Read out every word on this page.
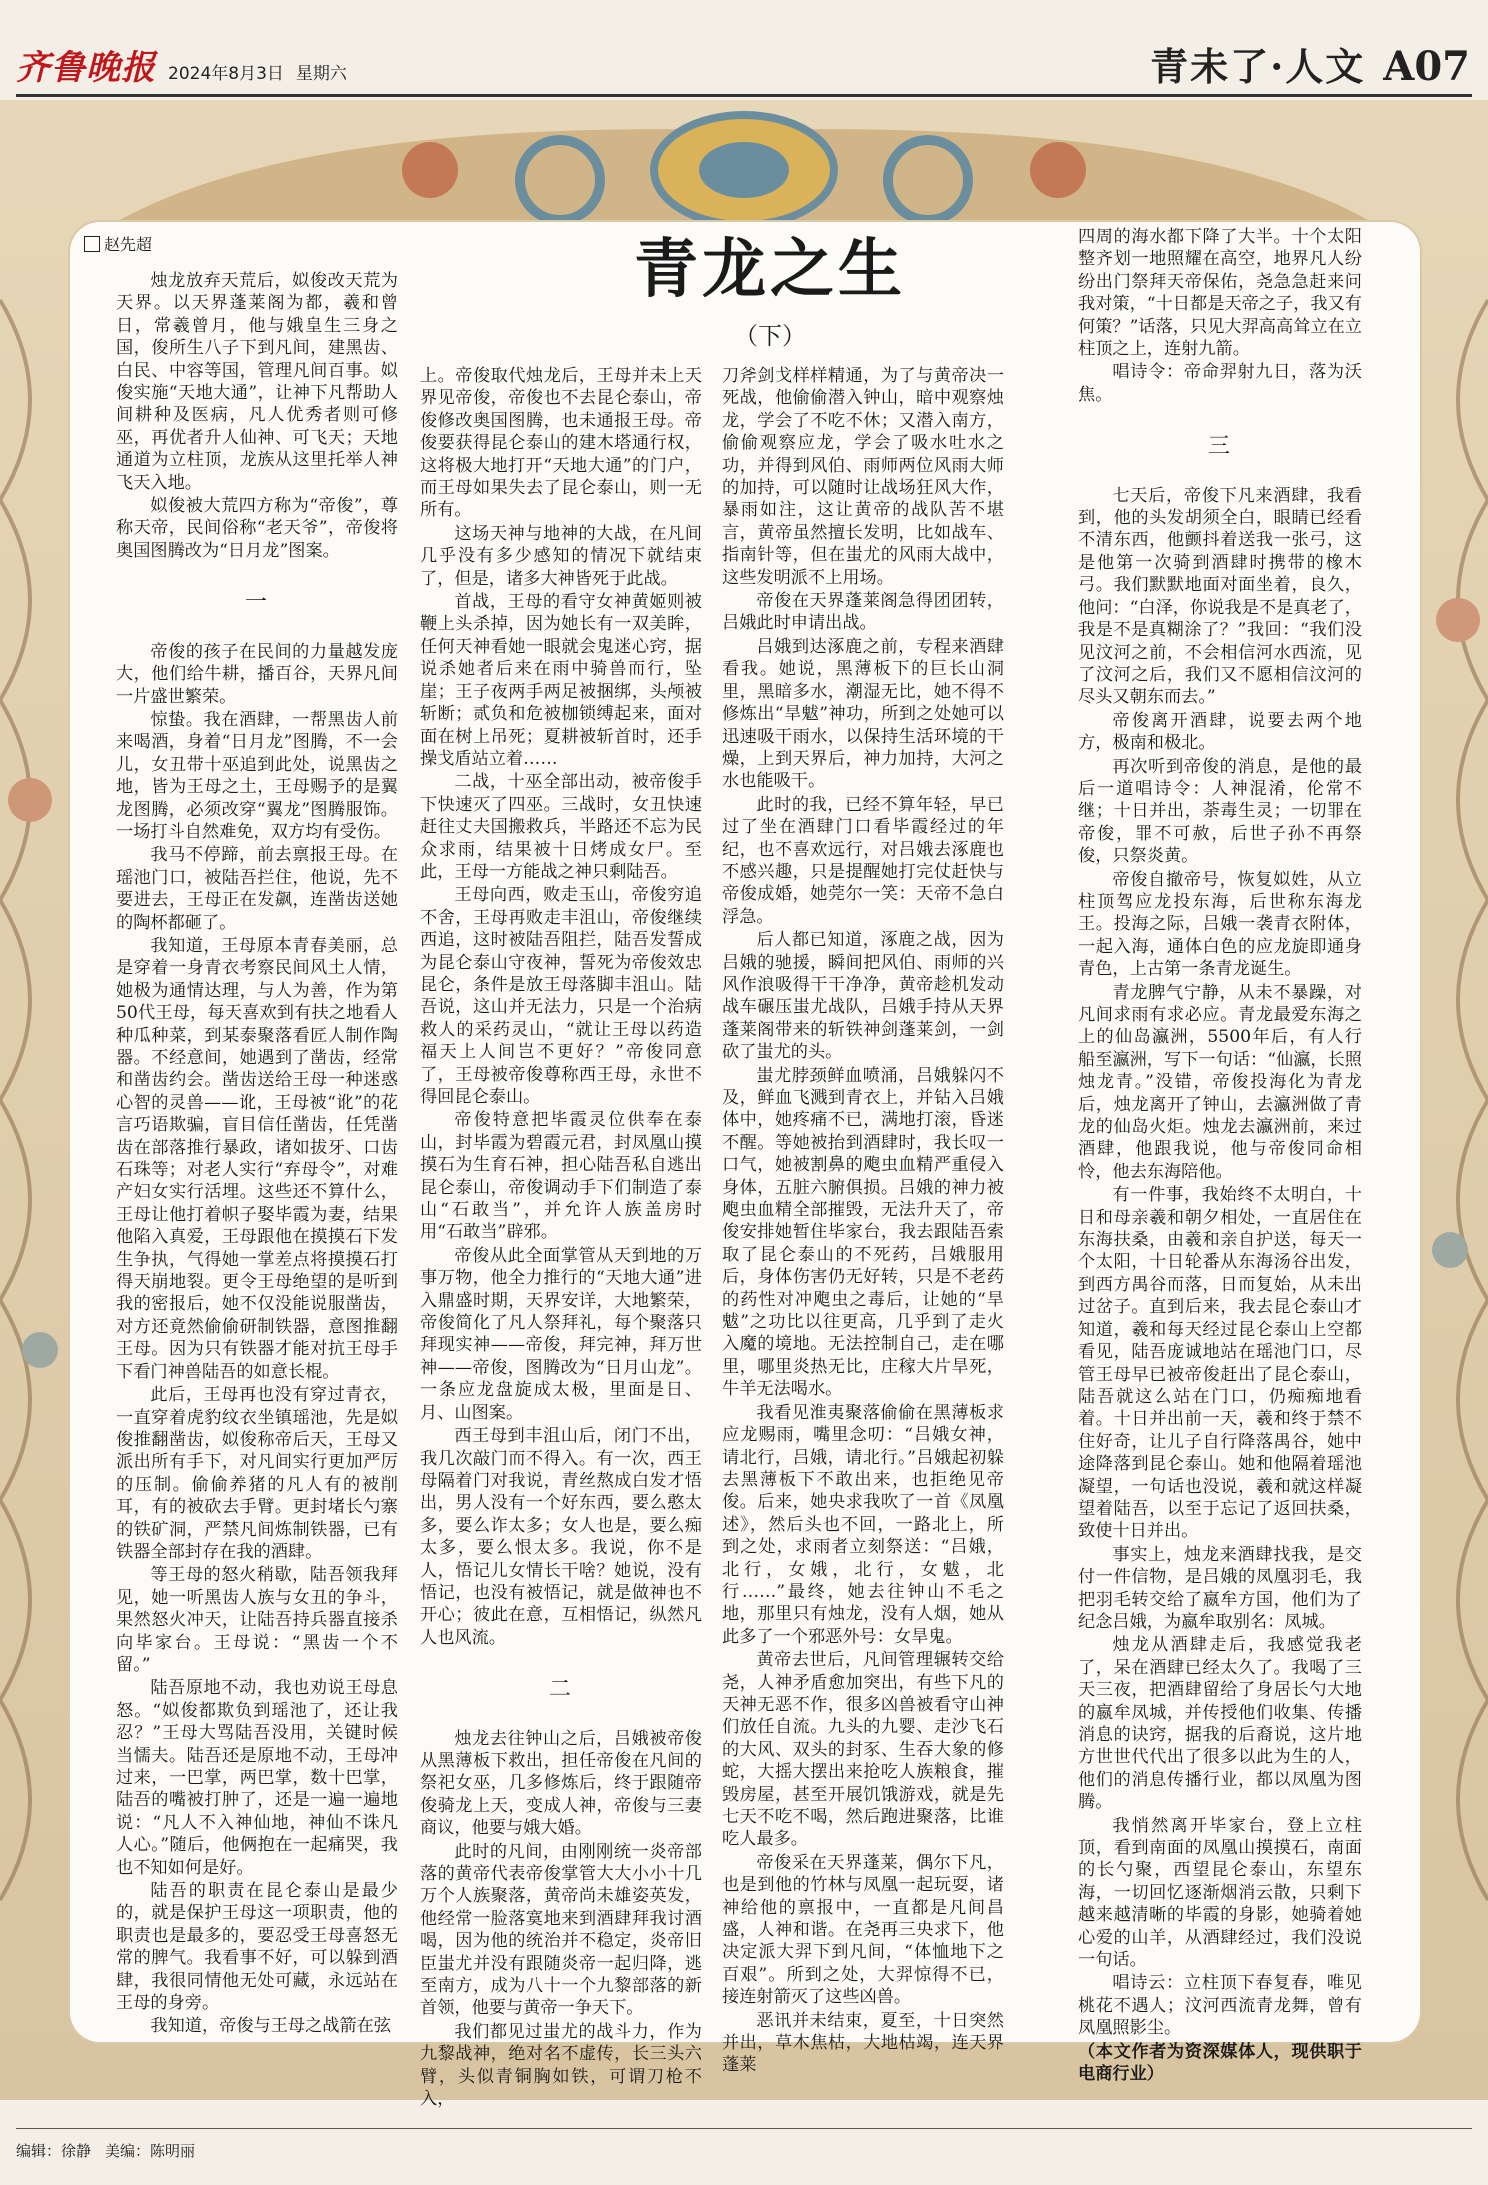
齐鲁晚报 2024年8月3日 星期六	青未了·人文 A07
赵先超	青龙之生
（下）

烛龙放弃天荒后，姒俊改天荒为天界。以天界蓬莱阁为都，羲和曾日，常羲曾月，他与娥皇生三身之国，俊所生八子下到凡间，建黑齿、白民、中容等国，管理凡间百事。姒俊实施“天地大通”，让神下凡帮助人间耕种及医病，凡人优秀者则可修巫，再优者升人仙神、可飞天；天地通道为立柱顶，龙族从这里托举人神飞天入地。

姒俊被大荒四方称为“帝俊”，尊称天帝，民间俗称“老天爷”，帝俊将奥国图腾改为“日月龙”图案。

一

帝俊的孩子在民间的力量越发庞大，他们给牛耕，播百谷，天界凡间一片盛世繁荣。

惊蛰。我在酒肆，一帮黑齿人前来喝酒，身着“日月龙”图腾，不一会儿，女丑带十巫追到此处，说黑齿之地，皆为王母之土，王母赐予的是翼龙图腾，必须改穿“翼龙”图腾服饰。一场打斗自然难免，双方均有受伤。

我马不停蹄，前去禀报王母。在瑶池门口，被陆吾拦住，他说，先不要进去，王母正在发飙，连凿齿送她的陶杯都砸了。

我知道，王母原本青春美丽，总是穿着一身青衣考察民间风土人情，她极为通情达理，与人为善，作为第50代王母，每天喜欢到有扶之地看人种瓜种菜，到某泰聚落看匠人制作陶器。不经意间，她遇到了凿齿，经常和凿齿约会。凿齿送给王母一种迷惑心智的灵兽——讹，王母被“讹”的花言巧语欺骗，盲目信任凿齿，任凭凿齿在部落推行暴政，诸如拔牙、口齿石珠等；对老人实行“弃母令”，对难产妇女实行活埋。这些还不算什么，王母让他打着帜子娶毕霞为妻，结果他陷入真爱，王母跟他在摸摸石下发生争执，气得她一掌差点将摸摸石打得天崩地裂。更令王母绝望的是听到我的密报后，她不仅没能说服凿齿，对方还竟然偷偷研制铁器，意图推翻王母。因为只有铁器才能对抗王母手下看门神兽陆吾的如意长棍。

此后，王母再也没有穿过青衣，一直穿着虎豹纹衣坐镇瑶池，先是姒俊推翻凿齿，姒俊称帝后天，王母又派出所有手下，对凡间实行更加严厉的压制。偷偷养猪的凡人有的被削耳，有的被砍去手臂。更封堵长勺寨的铁矿洞，严禁凡间炼制铁器，已有铁器全部封存在我的酒肆。

等王母的怒火稍歇，陆吾领我拜见，她一听黑齿人族与女丑的争斗，果然怒火冲天，让陆吾持兵器直接杀向毕家台。王母说：“黑齿一个不留。”

陆吾原地不动，我也劝说王母息怒。“姒俊都欺负到瑶池了，还让我忍？”王母大骂陆吾没用，关键时候当懦夫。陆吾还是原地不动，王母冲过来，一巴掌，两巴掌，数十巴掌，陆吾的嘴被打肿了，还是一遍一遍地说：“凡人不入神仙地，神仙不诛凡人心。”随后，他俩抱在一起痛哭，我也不知如何是好。

陆吾的职责在昆仑泰山是最少的，就是保护王母这一项职责，他的职责也是最多的，要忍受王母喜怒无常的脾气。我看事不好，可以躲到酒肆，我很同情他无处可藏，永远站在王母的身旁。

我知道，帝俊与王母之战箭在弦

上。帝俊取代烛龙后，王母并未上天界见帝俊，帝俊也不去昆仑泰山，帝俊修改奥国图腾，也未通报王母。帝俊要获得昆仑泰山的建木塔通行权，这将极大地打开“天地大通”的门户，而王母如果失去了昆仑泰山，则一无所有。

这场天神与地神的大战，在凡间几乎没有多少感知的情况下就结束了，但是，诸多大神皆死于此战。

首战，王母的看守女神黄姬则被鞭上头杀掉，因为她长有一双美眸，任何天神看她一眼就会鬼迷心窍，据说杀她者后来在雨中骑兽而行，坠崖；王子夜两手两足被捆绑，头颅被斩断；贰负和危被枷锁缚起来，面对面在树上吊死；夏耕被斩首时，还手操戈盾站立着……

二战，十巫全部出动，被帝俊手下快速灭了四巫。三战时，女丑快速赶往丈夫国搬救兵，半路还不忘为民众求雨，结果被十日烤成女尸。至此，王母一方能战之神只剩陆吾。

王母向西，败走玉山，帝俊穷追不舍，王母再败走丰沮山，帝俊继续西追，这时被陆吾阻拦，陆吾发誓成为昆仑泰山守夜神，誓死为帝俊效忠昆仑，条件是放王母落脚丰沮山。陆吾说，这山并无法力，只是一个治病救人的采药灵山，“就让王母以药造福天上人间岂不更好？”帝俊同意了，王母被帝俊尊称西王母，永世不得回昆仑泰山。

帝俊特意把毕霞灵位供奉在泰山，封毕霞为碧霞元君，封凤凰山摸摸石为生育石神，担心陆吾私自逃出昆仑泰山，帝俊调动手下们制造了泰山“石敢当”，并允许人族盖房时用“石敢当”辟邪。

帝俊从此全面掌管从天到地的万事万物，他全力推行的“天地大通”进入鼎盛时期，天界安详，大地繁荣，帝俊简化了凡人祭拜礼，每个聚落只拜现实神——帝俊，拜完神，拜万世神——帝俊，图腾改为“日月山龙”。一条应龙盘旋成太极，里面是日、月、山图案。

西王母到丰沮山后，闭门不出，我几次敲门而不得入。有一次，西王母隔着门对我说，青丝熬成白发才悟出，男人没有一个好东西，要么憨太多，要么诈太多；女人也是，要么痴太多，要么恨太多。我说，你不是人，悟记儿女情长干啥？她说，没有悟记，也没有被悟记，就是做神也不开心；彼此在意，互相悟记，纵然凡人也风流。

二

烛龙去往钟山之后，吕娥被帝俊从黑薄板下救出，担任帝俊在凡间的祭祀女巫，几多修炼后，终于跟随帝俊骑龙上天，变成人神，帝俊与三妻商议，他要与娥大婚。

此时的凡间，由刚刚统一炎帝部落的黄帝代表帝俊掌管大大小小十几万个人族聚落，黄帝尚未雄姿英发，他经常一脸落寞地来到酒肆拜我讨酒喝，因为他的统治并不稳定，炎帝旧臣蚩尤并没有跟随炎帝一起归降，逃至南方，成为八十一个九黎部落的新首领，他要与黄帝一争天下。

我们都见过蚩尤的战斗力，作为九黎战神，绝对名不虚传，长三头六臂，头似青铜胸如铁，可谓刀枪不入，

刀斧剑戈样样精通，为了与黄帝决一死战，他偷偷潜入钟山，暗中观察烛龙，学会了不吃不休；又潜入南方，偷偷观察应龙，学会了吸水吐水之功，并得到风伯、雨师两位风雨大师的加持，可以随时让战场狂风大作，暴雨如注，这让黄帝的战队苦不堪言，黄帝虽然擅长发明，比如战车、指南针等，但在蚩尤的风雨大战中，这些发明派不上用场。

帝俊在天界蓬莱阁急得团团转，吕娥此时申请出战。

吕娥到达涿鹿之前，专程来酒肆看我。她说，黑薄板下的巨长山洞里，黑暗多水，潮湿无比，她不得不修炼出“旱魃”神功，所到之处她可以迅速吸干雨水，以保持生活环境的干燥，上到天界后，神力加持，大河之水也能吸干。

此时的我，已经不算年轻，早已过了坐在酒肆门口看毕霞经过的年纪，也不喜欢远行，对吕娥去涿鹿也不感兴趣，只是提醒她打完仗赶快与帝俊成婚，她莞尔一笑：天帝不急白浮急。

后人都已知道，涿鹿之战，因为吕娥的驰援，瞬间把风伯、雨师的兴风作浪吸得干干净净，黄帝趁机发动战车碾压蚩尤战队，吕娥手持从天界蓬莱阁带来的斩铁神剑蓬莱剑，一剑砍了蚩尤的头。

蚩尤脖颈鲜血喷涌，吕娥躲闪不及，鲜血飞溅到青衣上，并钻入吕娥体中，她疼痛不已，满地打滚，昏迷不醒。等她被抬到酒肆时，我长叹一口气，她被割鼻的飑虫血精严重侵入身体，五脏六腑俱损。吕娥的神力被飑虫血精全部摧毁，无法升天了，帝俊安排她暂住毕家台，我去跟陆吾索取了昆仑泰山的不死药，吕娥服用后，身体伤害仍无好转，只是不老药的药性对冲飑虫之毒后，让她的“旱魃”之功比以往更高，几乎到了走火入魔的境地。无法控制自己，走在哪里，哪里炎热无比，庄稼大片旱死，牛羊无法喝水。

我看见淮夷聚落偷偷在黑薄板求应龙赐雨，嘴里念叨：“吕娥女神，请北行，吕娥，请北行。”吕娥起初躲去黑薄板下不敢出来，也拒绝见帝俊。后来，她央求我吹了一首《凤凰述》，然后头也不回，一路北上，所到之处，求雨者立刻祭送：“吕娥，北行，女娥，北行，女魃，北行……”最终，她去往钟山不毛之地，那里只有烛龙，没有人烟，她从此多了一个邪恶外号：女旱鬼。

黄帝去世后，凡间管理辗转交给尧，人神矛盾愈加突出，有些下凡的天神无恶不作，很多凶兽被看守山神们放任自流。九头的九婴、走沙飞石的大风、双头的封豕、生吞大象的修蛇，大摇大摆出来抢吃人族粮食，摧毁房屋，甚至开展饥饿游戏，就是先七天不吃不喝，然后跑进聚落，比谁吃人最多。

帝俊采在天界蓬莱，偶尔下凡，也是到他的竹林与凤凰一起玩耍，诸神给他的禀报中，一直都是凡间昌盛，人神和谐。在尧再三央求下，他决定派大羿下到凡间，“体恤地下之百艰”。所到之处，大羿惊得不已，接连射箭灭了这些凶兽。

恶讯并未结束，夏至，十日突然并出，草木焦枯，大地枯竭，连天界蓬莱

四周的海水都下降了大半。十个太阳整齐划一地照耀在高空，地界凡人纷纷出门祭拜天帝保佑，尧急急赶来问我对策，“十日都是天帝之子，我又有何策？”话落，只见大羿高高耸立在立柱顶之上，连射九箭。

唱诗令：帝命羿射九日，落为沃焦。

三

七天后，帝俊下凡来酒肆，我看到，他的头发胡须全白，眼睛已经看不清东西，他颤抖着送我一张弓，这是他第一次骑到酒肆时携带的橡木弓。我们默默地面对面坐着，良久，他问：“白泽，你说我是不是真老了，我是不是真糊涂了？”我回：“我们没见汶河之前，不会相信河水西流，见了汶河之后，我们又不愿相信汶河的尽头又朝东而去。”

帝俊离开酒肆，说要去两个地方，极南和极北。

再次听到帝俊的消息，是他的最后一道唱诗令：人神混淆，伦常不继；十日并出，荼毒生灵；一切罪在帝俊，罪不可赦，后世子孙不再祭俊，只祭炎黄。

帝俊自撤帝号，恢复姒姓，从立柱顶驾应龙投东海，后世称东海龙王。投海之际，吕娥一袭青衣附体，一起入海，通体白色的应龙旋即通身青色，上古第一条青龙诞生。

青龙脾气宁静，从未不暴躁，对凡间求雨有求必应。青龙最爱东海之上的仙岛瀛洲，5500年后，有人行船至瀛洲，写下一句话：“仙瀛，长照烛龙青。”没错，帝俊投海化为青龙后，烛龙离开了钟山，去瀛洲做了青龙的仙岛火炬。烛龙去瀛洲前，来过酒肆，他跟我说，他与帝俊同命相怜，他去东海陪他。

有一件事，我始终不太明白，十日和母亲羲和朝夕相处，一直居住在东海扶桑，由羲和亲自护送，每天一个太阳，十日轮番从东海汤谷出发，到西方禺谷而落，日而复始，从未出过岔子。直到后来，我去昆仑泰山才知道，羲和每天经过昆仑泰山上空都看见，陆吾庞诚地站在瑶池门口，尽管王母早已被帝俊赶出了昆仑泰山，陆吾就这么站在门口，仍痴痴地看着。十日并出前一天，羲和终于禁不住好奇，让儿子自行降落禺谷，她中途降落到昆仑泰山。她和他隔着瑶池凝望，一句话也没说，羲和就这样凝望着陆吾，以至于忘记了返回扶桑，致使十日并出。

事实上，烛龙来酒肆找我，是交付一件信物，是吕娥的凤凰羽毛，我把羽毛转交给了嬴牟方国，他们为了纪念吕娥，为嬴牟取别名：凤城。

烛龙从酒肆走后，我感觉我老了，呆在酒肆已经太久了。我喝了三天三夜，把酒肆留给了身居长勺大地的嬴牟凤城，并传授他们收集、传播消息的诀窍，据我的后裔说，这片地方世世代代出了很多以此为生的人，他们的消息传播行业，都以凤凰为图腾。

我悄然离开毕家台，登上立柱顶，看到南面的凤凰山摸摸石，南面的长勺聚，西望昆仑泰山，东望东海，一切回忆逐渐烟消云散，只剩下越来越清晰的毕霞的身影，她骑着她心爱的山羊，从酒肆经过，我们没说一句话。

唱诗云：立柱顶下春复春，唯见桃花不遇人；汶河西流青龙舞，曾有凤凰照影尘。

（本文作者为资深媒体人，现供职于电商行业）

编辑：徐静 美编：陈明丽
